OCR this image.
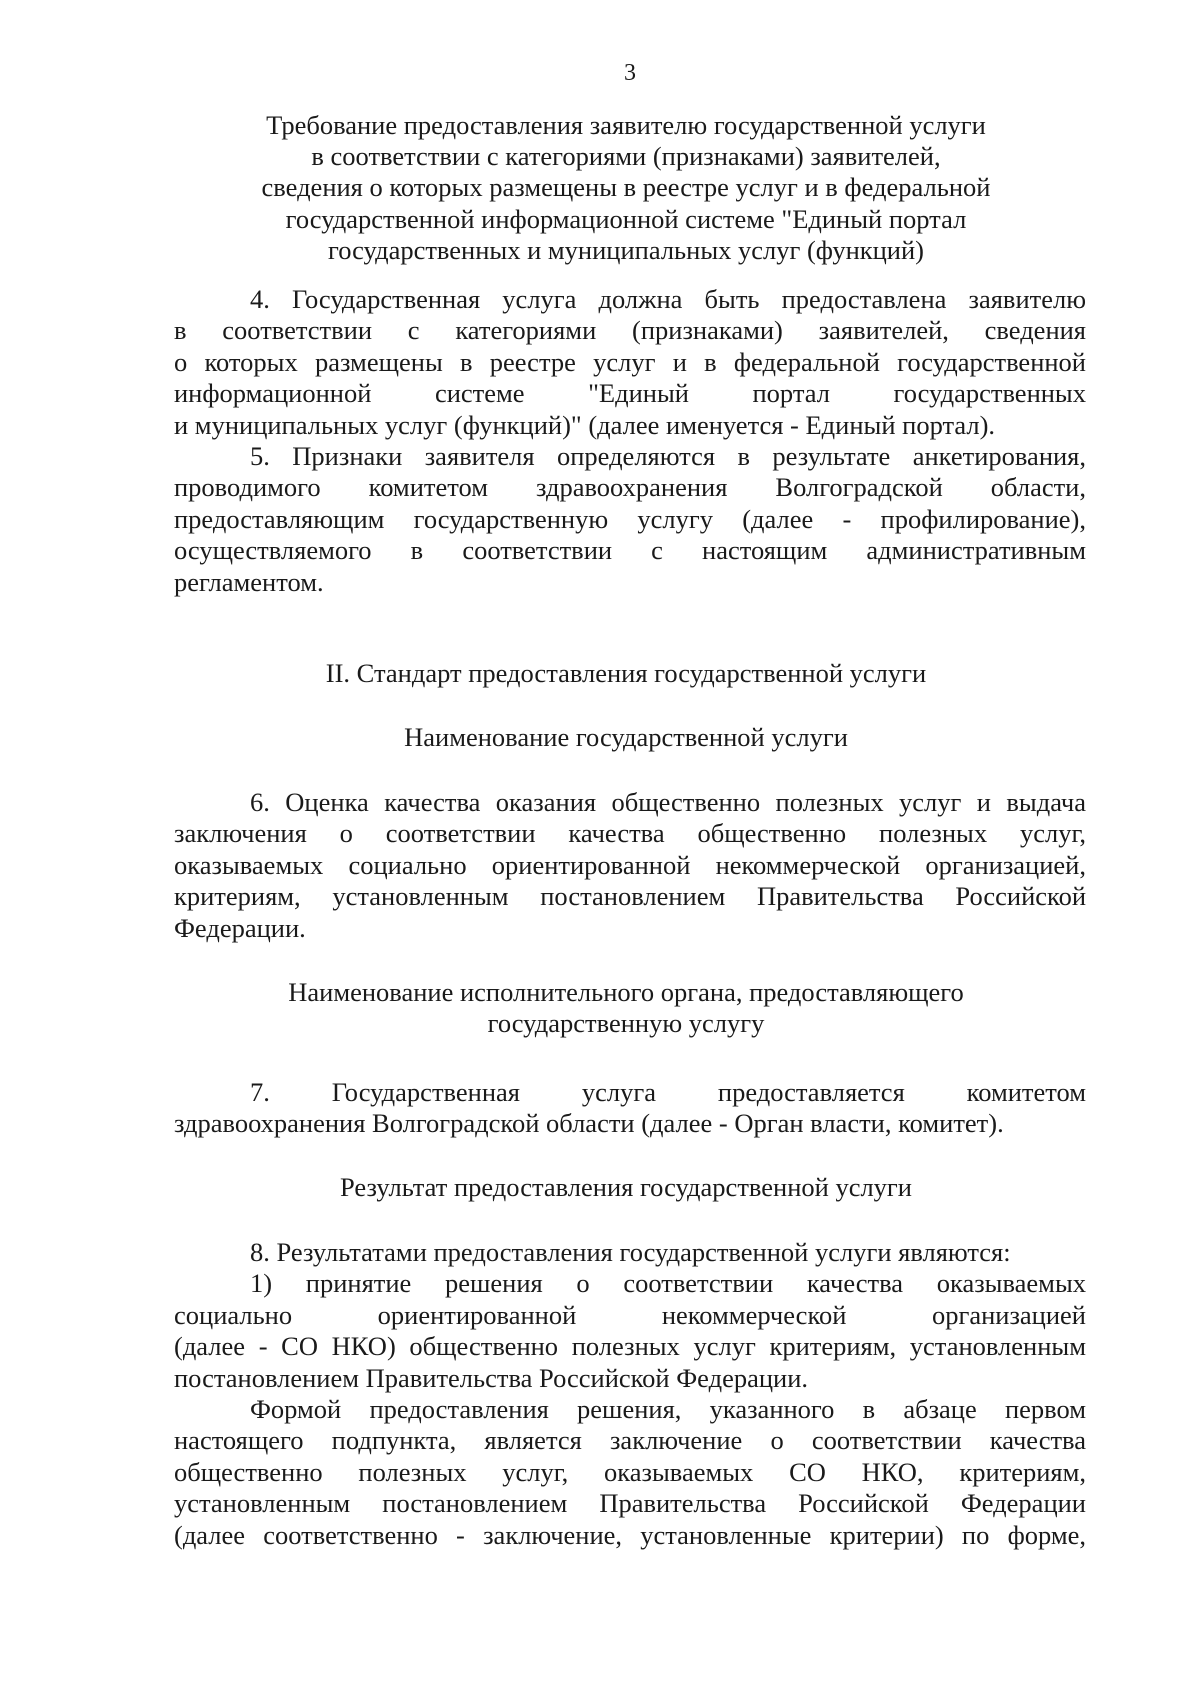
3
Требование предоставления заявителю государственной услуги
в соответствии с категориями (признаками) заявителей,
сведения о которых размещены в реестре услуг и в федеральной
государственной информационной системе "Единый портал
государственных и муниципальных услуг (функций)
4. Государственная услуга должна быть предоставлена заявителю
в соответствии с категориями (признаками) заявителей, сведения
о которых размещены в реестре услуг и в федеральной государственной
информационной системе "Единый портал государственных
и муниципальных услуг (функций)" (далее именуется - Единый портал).
5. Признаки заявителя определяются в результате анкетирования,
проводимого комитетом здравоохранения Волгоградской области,
предоставляющим государственную услугу (далее - профилирование),
осуществляемого в соответствии с настоящим административным
регламентом.
II. Стандарт предоставления государственной услуги
Наименование государственной услуги
6. Оценка качества оказания общественно полезных услуг и выдача
заключения о соответствии качества общественно полезных услуг,
оказываемых социально ориентированной некоммерческой организацией,
критериям, установленным постановлением Правительства Российской
Федерации.
Наименование исполнительного органа, предоставляющего
государственную услугу
7. Государственная услуга предоставляется комитетом
здравоохранения Волгоградской области (далее - Орган власти, комитет).
Результат предоставления государственной услуги
8. Результатами предоставления государственной услуги являются:
1) принятие решения о соответствии качества оказываемых
социально ориентированной некоммерческой организацией
(далее - СО НКО) общественно полезных услуг критериям, установленным
постановлением Правительства Российской Федерации.
Формой предоставления решения, указанного в абзаце первом
настоящего подпункта, является заключение о соответствии качества
общественно полезных услуг, оказываемых СО НКО, критериям,
установленным постановлением Правительства Российской Федерации
(далее соответственно - заключение, установленные критерии) по форме,
